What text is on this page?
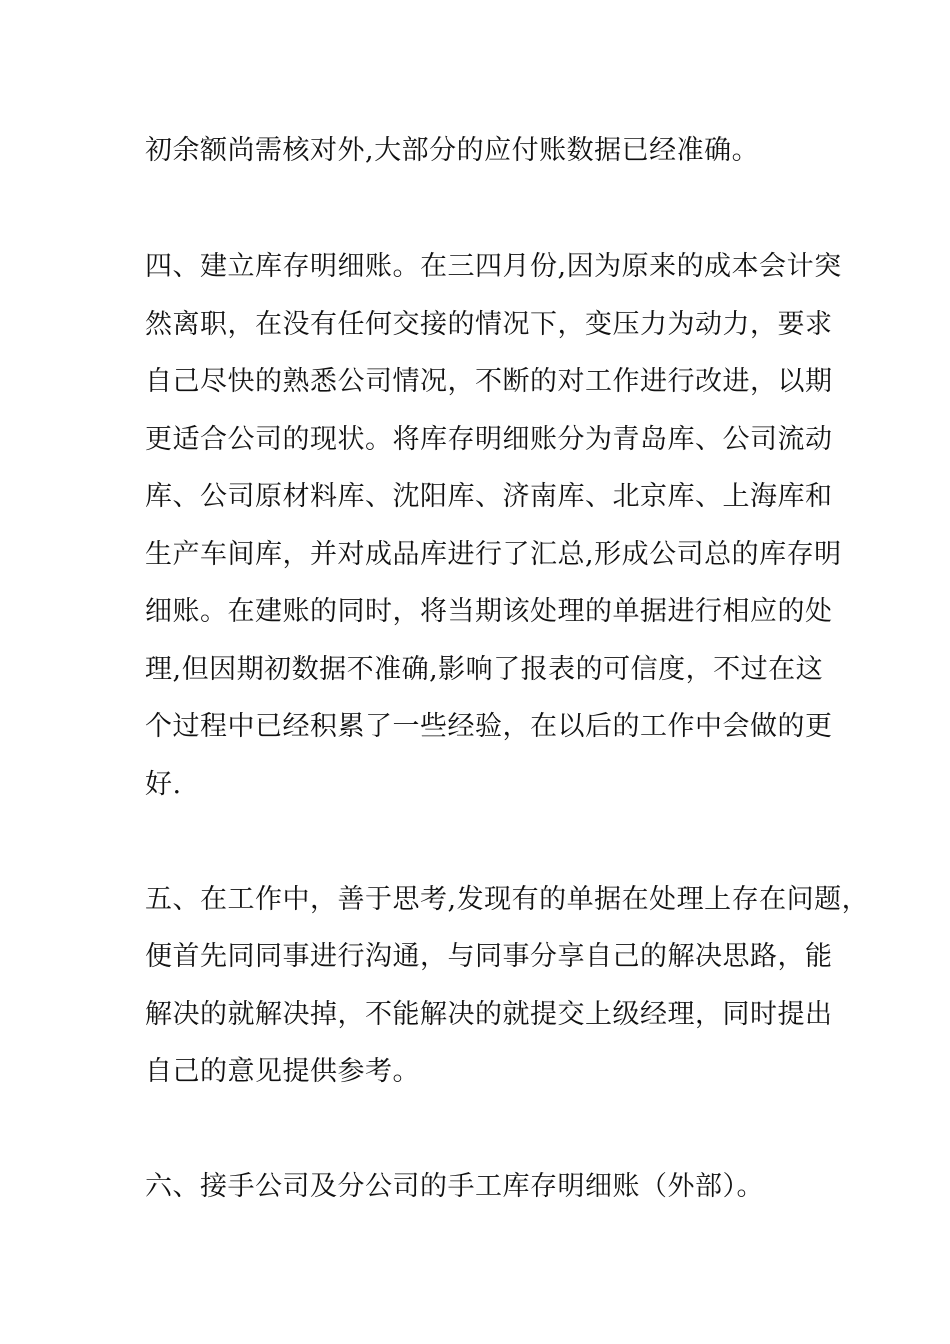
初余额尚需核对外,大部分的应付账数据已经准确。
四、建立库存明细账。在三四月份,因为原来的成本会计突
然离职，在没有任何交接的情况下，变压力为动力，要求
自己尽快的熟悉公司情况，不断的对工作进行改进，以期
更适合公司的现状。将库存明细账分为青岛库、公司流动
库、公司原材料库、沈阳库、济南库、北京库、上海库和
生产车间库，并对成品库进行了汇总,形成公司总的库存明
细账。在建账的同时，将当期该处理的单据进行相应的处
理,但因期初数据不准确,影响了报表的可信度，不过在这
个过程中已经积累了一些经验，在以后的工作中会做的更
好.
五、在工作中，善于思考,发现有的单据在处理上存在问题，
便首先同同事进行沟通，与同事分享自己的解决思路，能
解决的就解决掉，不能解决的就提交上级经理，同时提出
自己的意见提供参考。
六、接手公司及分公司的手工库存明细账（外部）。
